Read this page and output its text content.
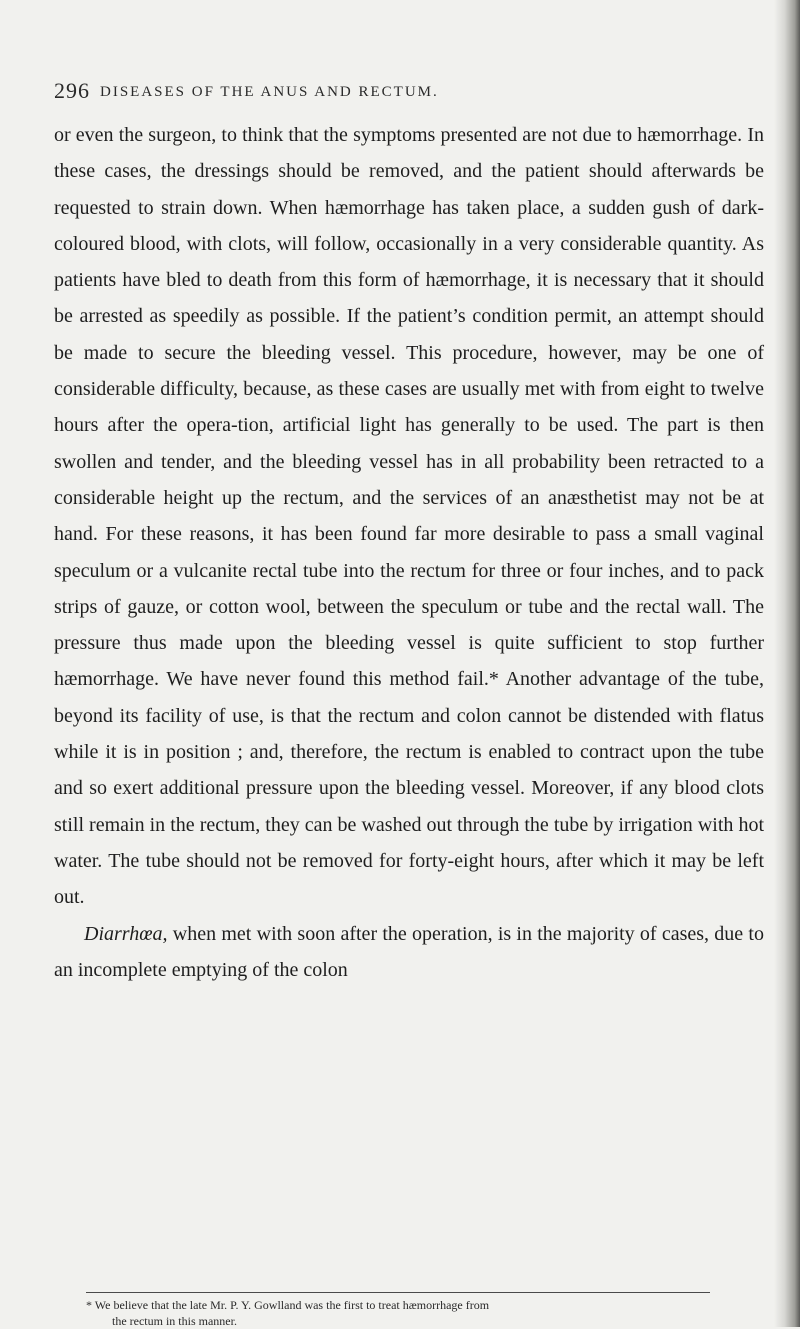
296 DISEASES OF THE ANUS AND RECTUM.

or even the surgeon, to think that the symptoms presented are not due to hæmorrhage. In these cases, the dressings should be removed, and the patient should afterwards be requested to strain down. When hæmorrhage has taken place, a sudden gush of dark-coloured blood, with clots, will follow, occasionally in a very considerable quantity. As patients have bled to death from this form of hæmorrhage, it is necessary that it should be arrested as speedily as possible. If the patient’s condition permit, an attempt should be made to secure the bleeding vessel. This procedure, however, may be one of considerable difficulty, because, as these cases are usually met with from eight to twelve hours after the opera-tion, artificial light has generally to be used. The part is then swollen and tender, and the bleeding vessel has in all probability been retracted to a considerable height up the rectum, and the services of an anæsthetist may not be at hand. For these reasons, it has been found far more desirable to pass a small vaginal speculum or a vulcanite rectal tube into the rectum for three or four inches, and to pack strips of gauze, or cotton wool, between the speculum or tube and the rectal wall. The pressure thus made upon the bleeding vessel is quite sufficient to stop further hæmorrhage. We have never found this method fail.* Another advantage of the tube, beyond its facility of use, is that the rectum and colon cannot be distended with flatus while it is in position ; and, therefore, the rectum is enabled to contract upon the tube and so exert additional pressure upon the bleeding vessel. Moreover, if any blood clots still remain in the rectum, they can be washed out through the tube by irrigation with hot water. The tube should not be removed for forty-eight hours, after which it may be left out.

Diarrhœa, when met with soon after the operation, is in the majority of cases, due to an incomplete emptying of the colon

* We believe that the late Mr. P. Y. Gowlland was the first to treat hæmorrhage from
the rectum in this manner.
